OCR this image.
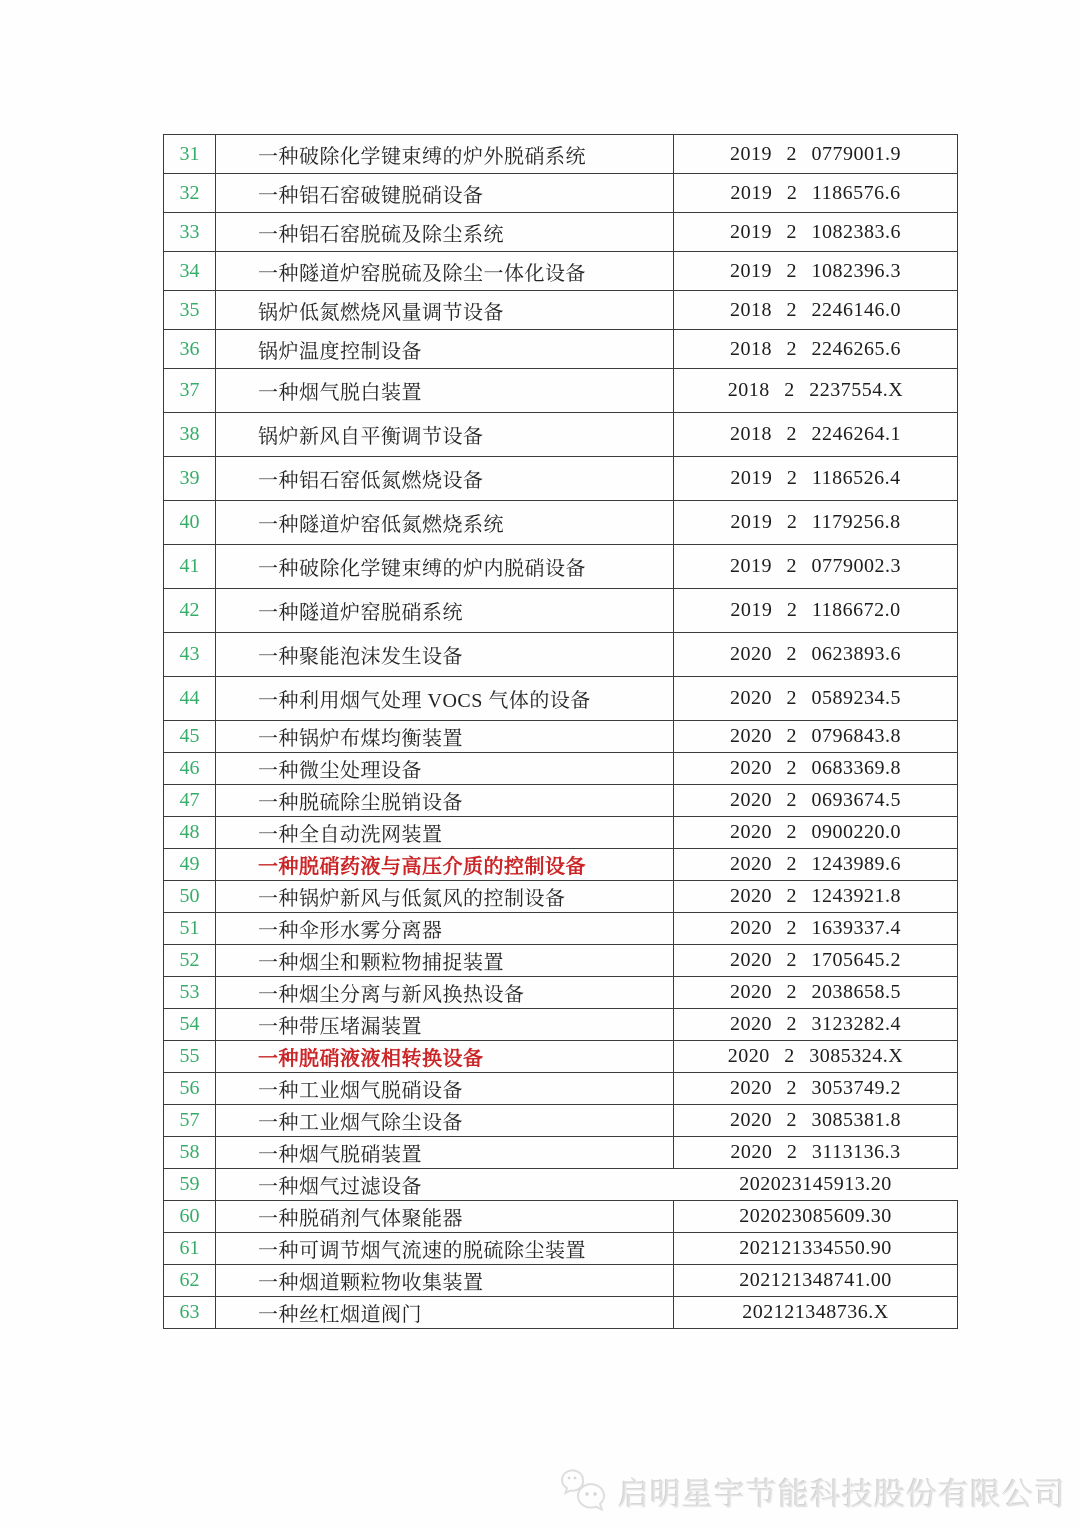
31	一种破除化学键束缚的炉外脱硝系统	2019 2 0779001.9
32	一种铝石窑破键脱硝设备	2019 2 1186576.6
33	一种铝石窑脱硫及除尘系统	2019 2 1082383.6
34	一种隧道炉窑脱硫及除尘一体化设备	2019 2 1082396.3
35	锅炉低氮燃烧风量调节设备	2018 2 2246146.0
36	锅炉温度控制设备	2018 2 2246265.6
37	一种烟气脱白装置	2018 2 2237554.X
38	锅炉新风自平衡调节设备	2018 2 2246264.1
39	一种铝石窑低氮燃烧设备	2019 2 1186526.4
40	一种隧道炉窑低氮燃烧系统	2019 2 1179256.8
41	一种破除化学键束缚的炉内脱硝设备	2019 2 0779002.3
42	一种隧道炉窑脱硝系统	2019 2 1186672.0
43	一种聚能泡沫发生设备	2020 2 0623893.6
44	一种利用烟气处理 VOCS 气体的设备	2020 2 0589234.5
45	一种锅炉布煤均衡装置	2020 2 0796843.8
46	一种微尘处理设备	2020 2 0683369.8
47	一种脱硫除尘脱销设备	2020 2 0693674.5
48	一种全自动洗网装置	2020 2 0900220.0
49	一种脱硝药液与高压介质的控制设备	2020 2 1243989.6
50	一种锅炉新风与低氮风的控制设备	2020 2 1243921.8
51	一种伞形水雾分离器	2020 2 1639337.4
52	一种烟尘和颗粒物捕捉装置	2020 2 1705645.2
53	一种烟尘分离与新风换热设备	2020 2 2038658.5
54	一种带压堵漏装置	2020 2 3123282.4
55	一种脱硝液液相转换设备	2020 2 3085324.X
56	一种工业烟气脱硝设备	2020 2 3053749.2
57	一种工业烟气除尘设备	2020 2 3085381.8
58	一种烟气脱硝装置	2020 2 3113136.3
59	一种烟气过滤设备	202023145913.20
60	一种脱硝剂气体聚能器	202023085609.30
61	一种可调节烟气流速的脱硫除尘装置	202121334550.90
62	一种烟道颗粒物收集装置	202121348741.00
63	一种丝杠烟道阀门	202121348736.X
启明星宇节能科技股份有限公司
